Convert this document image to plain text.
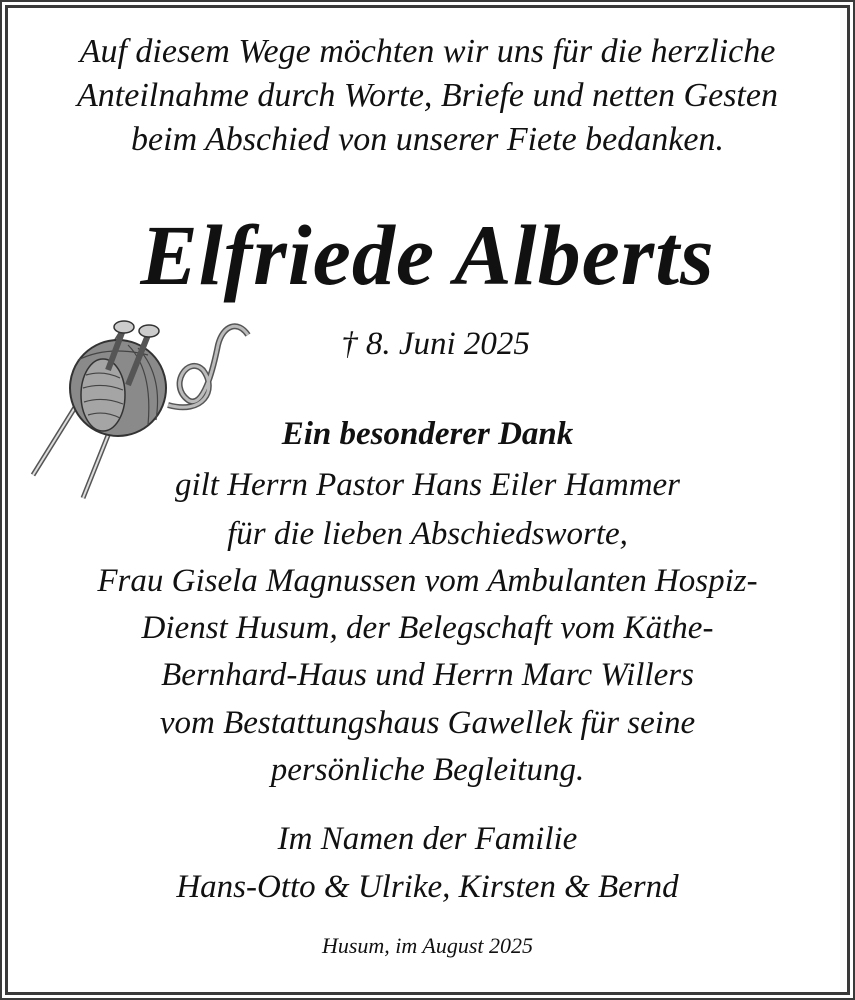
Auf diesem Wege möchten wir uns für die herzliche
Anteilnahme durch Worte, Briefe und netten Gesten
beim Abschied von unserer Fiete bedanken.
Elfriede Alberts
† 8. Juni 2025
Ein besonderer Dank
gilt Herrn Pastor Hans Eiler Hammer
für die lieben Abschiedsworte,
Frau Gisela Magnussen vom Ambulanten Hospiz-
Dienst Husum, der Belegschaft vom Käthe-
Bernhard-Haus und Herrn Marc Willers
vom Bestattungshaus Gawellek für seine
persönliche Begleitung.
Im Namen der Familie
Hans-Otto & Ulrike, Kirsten & Bernd
Husum, im August 2025
